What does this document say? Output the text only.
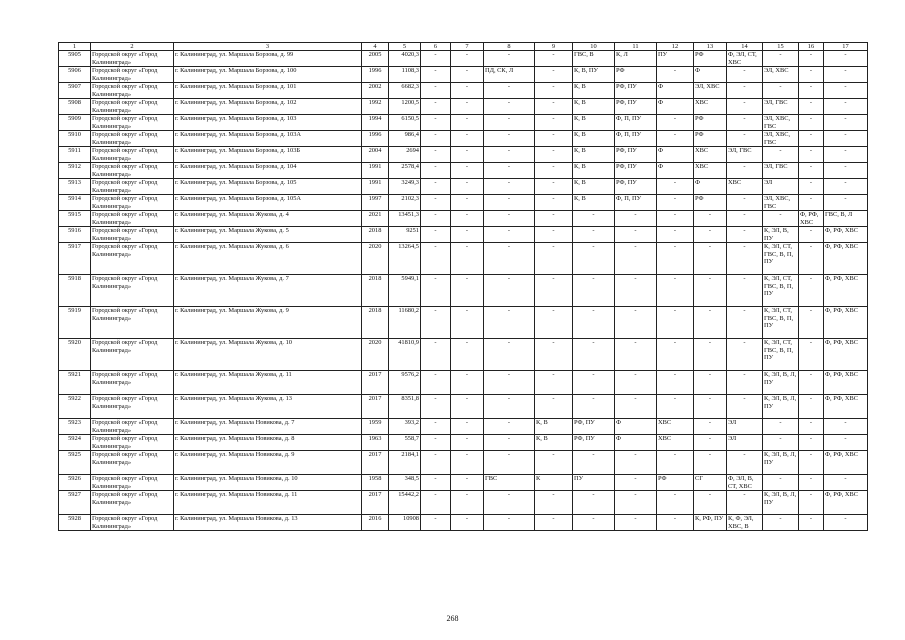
1	2	3	4	5	6	7	8	9	10	11	12	13	14	15	16	17
5905	Городской округ «Город Калининград»	г. Калининград, ул. Маршала Борзова, д. 99	2005	4020,3	-	-	-	-	ГВС, В	К, Л	ПУ	РФ	Ф, ЭЛ, СТ, ХВС	-	-	-
5906	Городской округ «Город Калининград»	г. Калининград, ул. Маршала Борзова, д. 100	1996	1108,3	-	-	ПД, СК, Л	-	К, В, ПУ	РФ	-	Ф	-	ЭЛ, ХВС	-	-
5907	Городской округ «Город Калининград»	г. Калининград, ул. Маршала Борзова, д. 101	2002	6682,3	-	-	-	-	К, В	РФ, ПУ	Ф	ЭЛ, ХВС	-	-	-	-
5908	Городской округ «Город Калининград»	г. Калининград, ул. Маршала Борзова, д. 102	1992	1200,5	-	-	-	-	К, В	РФ, ПУ	Ф	ХВС	-	ЭЛ, ГВС	-	-
5909	Городской округ «Город Калининград»	г. Калининград, ул. Маршала Борзова, д. 103	1994	6150,5	-	-	-	-	К, В	Ф, П, ПУ	-	РФ	-	ЭЛ, ХВС, ГВС	-	-
5910	Городской округ «Город Калининград»	г. Калининград, ул. Маршала Борзова, д. 103А	1996	986,4	-	-	-	-	К, В	Ф, П, ПУ	-	РФ	-	ЭЛ, ХВС, ГВС	-	-
5911	Городской округ «Город Калининград»	г. Калининград, ул. Маршала Борзова, д. 103Б	2004	2694	-	-	-	-	К, В	РФ, ПУ	Ф	ХВС	ЭЛ, ГВС	-	-	-
5912	Городской округ «Город Калининград»	г. Калининград, ул. Маршала Борзова, д. 104	1991	2578,4	-	-	-	-	К, В	РФ, ПУ	Ф	ХВС	-	ЭЛ, ГВС	-	-
5913	Городской округ «Город Калининград»	г. Калининград, ул. Маршала Борзова, д. 105	1991	3249,3	-	-	-	-	К, В	РФ, ПУ	-	Ф	ХВС	ЭЛ	-	-
5914	Городской округ «Город Калининград»	г. Калининград, ул. Маршала Борзова, д. 105А	1997	2102,3	-	-	-	-	К, В	Ф, П, ПУ	-	РФ	-	ЭЛ, ХВС, ГВС	-	-
5915	Городской округ «Город Калининград»	г. Калининград, ул. Маршала Жукова, д. 4	2021	13451,3	-	-	-	-	-	-	-	-	-	-	Ф, РФ, ХВС	ГВС, В, Л
5916	Городской округ «Город Калининград»	г. Калининград, ул. Маршала Жукова, д. 5	2018	9251	-	-	-	-	-	-	-	-	-	К, ЭЛ, В, ПУ	-	Ф, РФ, ХВС
5917	Городской округ «Город Калининград»	г. Калининград, ул. Маршала Жукова, д. 6	2020	13264,5	-	-	-	-	-	-	-	-	-	К, ЭЛ, СТ, ГВС, В, П, ПУ	-	Ф, РФ, ХВС
5918	Городской округ «Город Калининград»	г. Калининград, ул. Маршала Жукова, д. 7	2018	5949,1	-	-	-	-	-	-	-	-	-	К, ЭЛ, СТ, ГВС, В, П, ПУ	-	Ф, РФ, ХВС
5919	Городской округ «Город Калининград»	г. Калининград, ул. Маршала Жукова, д. 9	2018	11680,2	-	-	-	-	-	-	-	-	-	К, ЭЛ, СТ, ГВС, В, П, ПУ	-	Ф, РФ, ХВС
5920	Городской округ «Город Калининград»	г. Калининград, ул. Маршала Жукова, д. 10	2020	41810,9	-	-	-	-	-	-	-	-	-	К, ЭЛ, СТ, ГВС, В, П, ПУ	-	Ф, РФ, ХВС
5921	Городской округ «Город Калининград»	г. Калининград, ул. Маршала Жукова, д. 11	2017	9576,2	-	-	-	-	-	-	-	-	-	К, ЭЛ, В, Л, ПУ	-	Ф, РФ, ХВС
5922	Городской округ «Город Калининград»	г. Калининград, ул. Маршала Жукова, д. 13	2017	8351,8	-	-	-	-	-	-	-	-	-	К, ЭЛ, В, Л, ПУ	-	Ф, РФ, ХВС
5923	Городской округ «Город Калининград»	г. Калининград, ул. Маршала Новикова, д. 7	1959	393,2	-	-	-	К, В	РФ, ПУ	Ф	ХВС	-	ЭЛ	-	-	-
5924	Городской округ «Город Калининград»	г. Калининград, ул. Маршала Новикова, д. 8	1963	558,7	-	-	-	К, В	РФ, ПУ	Ф	ХВС	-	ЭЛ	-	-	-
5925	Городской округ «Город Калининград»	г. Калининград, ул. Маршала Новикова, д. 9	2017	2184,1	-	-	-	-	-	-	-	-	-	К, ЭЛ, В, Л, ПУ	-	Ф, РФ, ХВС
5926	Городской округ «Город Калининград»	г. Калининград, ул. Маршала Новикова, д. 10	1958	348,5	-	-	ГВС	К	ПУ	-	РФ	СГ	Ф, ЭЛ, В, СТ, ХВС	-	-	-
5927	Городской округ «Город Калининград»	г. Калининград, ул. Маршала Новикова, д. 11	2017	15442,2	-	-	-	-	-	-	-	-	-	К, ЭЛ, В, Л, ПУ	-	Ф, РФ, ХВС
5928	Городской округ «Город Калининград»	г. Калининград, ул. Маршала Новикова, д. 13	2016	10908	-	-	-	-	-	-	-	К, РФ, ПУ	К, Ф, ЭЛ, ХВС, В	-	-	-
268
